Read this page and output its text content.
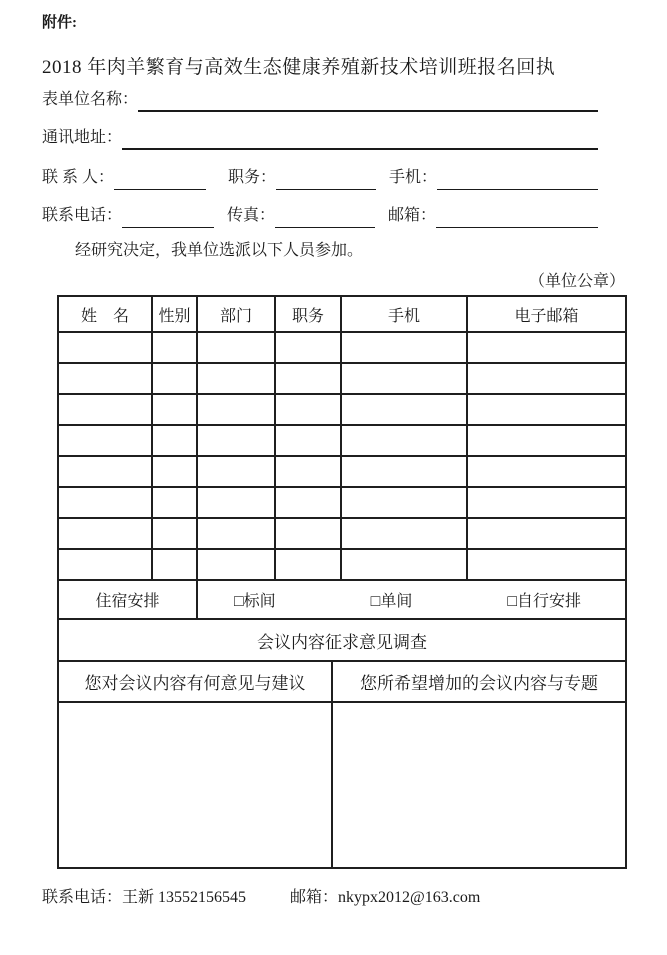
附件:
2018 年肉羊繁育与高效生态健康养殖新技术培训班报名回执
表单位名称：
通讯地址：
联 系 人：	职务：	手机：
联系电话：	传真：	邮箱：
经研究决定，我单位选派以下人员参加。
（单位公章）
姓　名	性别	部门	职务		手机	电子邮箱

住宿安排		□标间 □单间 □自行安排				

会议内容征求意见调查						
您对会议内容有何意见与建议				您所希望增加的会议内容与专题		

联系电话：王新 13552156545	邮箱：nkypx2012@163.com
